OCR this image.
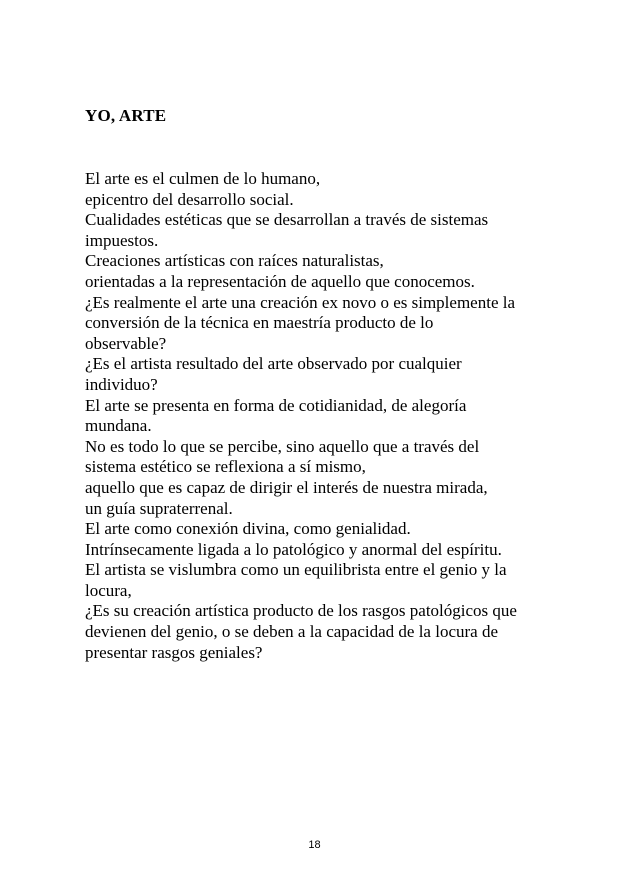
YO, ARTE
El arte es el culmen de lo humano,
epicentro del desarrollo social.
Cualidades estéticas que se desarrollan a través de sistemas
impuestos.
Creaciones artísticas con raíces naturalistas,
orientadas a la representación de aquello que conocemos.
¿Es realmente el arte una creación ex novo o es simplemente la
conversión de la técnica en maestría producto de lo
observable?
¿Es el artista resultado del arte observado por cualquier
individuo?
El arte se presenta en forma de cotidianidad, de alegoría
mundana.
No es todo lo que se percibe, sino aquello que a través del
sistema estético se reflexiona a sí mismo,
aquello que es capaz de dirigir el interés de nuestra mirada,
un guía supraterrenal.
El arte como conexión divina, como genialidad.
Intrínsecamente ligada a lo patológico y anormal del espíritu.
El artista se vislumbra como un equilibrista entre el genio y la
locura,
¿Es su creación artística producto de los rasgos patológicos que
devienen del genio, o se deben a la capacidad de la locura de
presentar rasgos geniales?
18
